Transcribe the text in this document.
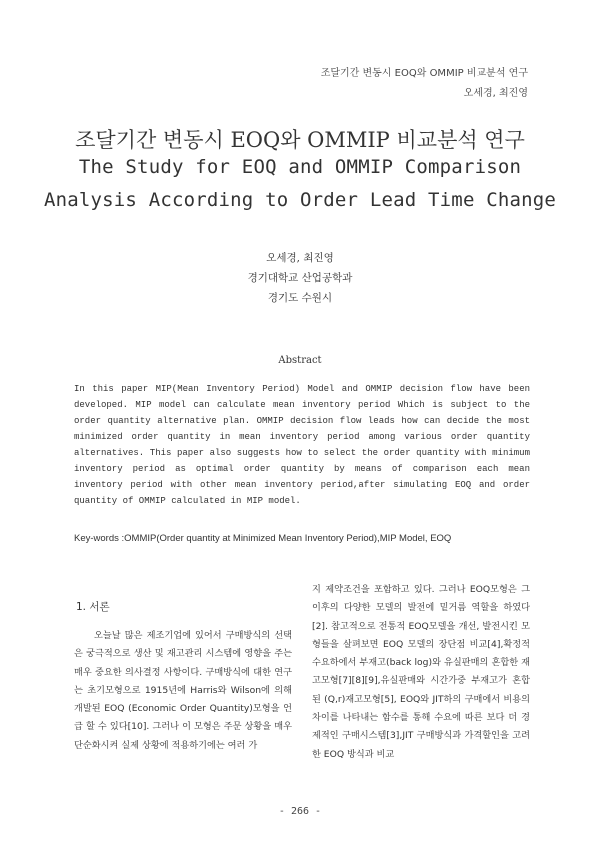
조달기간 변동시 EOQ와 OMMIP 비교분석 연구
오세경, 최진영
조달기간 변동시 EOQ와 OMMIP 비교분석 연구
The Study for EOQ and OMMIP Comparison
Analysis According to Order Lead Time Change
오세경, 최진영
경기대학교 산업공학과
경기도 수원시
Abstract
In this paper MIP(Mean Inventory Period) Model and OMMIP decision flow have been developed. MIP model can calculate mean inventory period Which is subject to the order quantity alternative plan. OMMIP decision flow leads how can decide the most minimized order quantity in mean inventory period among various order quantity alternatives. This paper also suggests how to select the order quantity with minimum inventory period as optimal order quantity by means of comparison each mean inventory period with other mean inventory period,after simulating EOQ and order quantity of OMMIP calculated in MIP model.
Key-words :OMMIP(Order quantity at Minimized Mean Inventory Period),MIP Model, EOQ
1. 서론
오늘날 많은 제조기업에 있어서 구매방식의 선택은 궁극적으로 생산 및 재고관리 시스템에 영향을 주는 매우 중요한 의사결정 사항이다. 구매방식에 대한 연구는 초기모형으로 1915년에 Harris와 Wilson에 의해 개발된 EOQ (Economic Order Quantity)모형을 언급 할 수 있다[10]. 그러나 이 모형은 주문 상황을 매우 단순화시켜 실제 상황에 적용하기에는 여러 가
지 제약조건을 포함하고 있다. 그러나 EOQ모형은 그 이후의 다양한 모델의 발전에 밑거름 역할을 하였다[2]. 참고적으로 전통적 EOQ모델을 개선, 발전시킨 모형들을 살펴보면 EOQ 모델의 장단점 비교[4],확정적 수요하에서 부재고(back log)와 유실판매의 혼합한 재고모형[7][8][9],유실판매와 시간가중 부재고가 혼합된 (Q,r)재고모형[5], EOQ와 JIT하의 구매에서 비용의 차이를 나타내는 함수를 통해 수요에 따른 보다 더 경제적인 구매시스템[3],JIT 구매방식과 가격할인을 고려한 EOQ 방식과 비교
- 266 -
